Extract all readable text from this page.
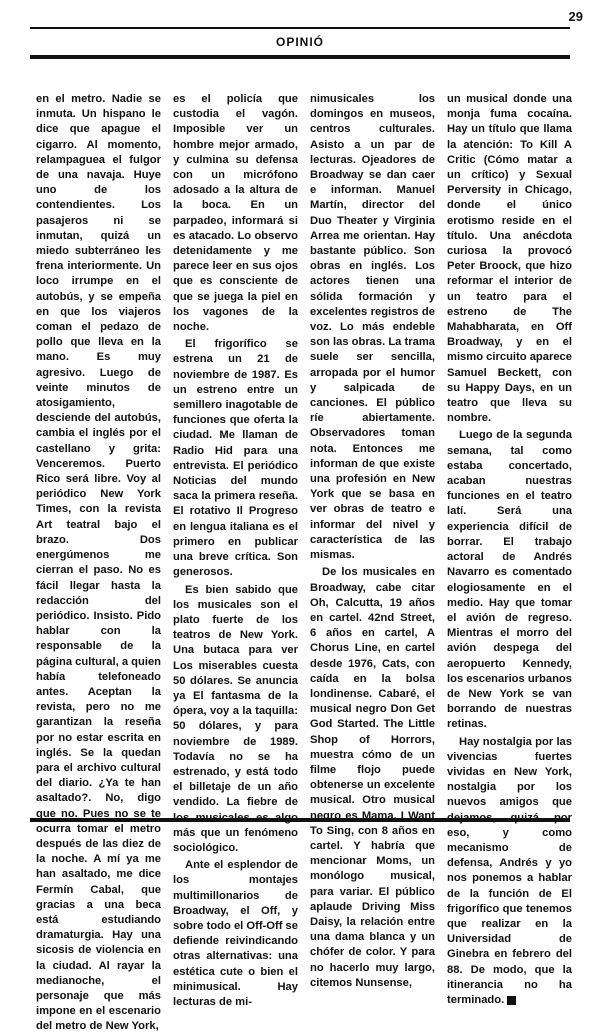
29
OPINIÓ

en el metro. Nadie se inmuta. Un hispano le dice que apague el cigarro. Al momento, relampaguea el fulgor de una navaja. Huye uno de los contendientes. Los pasajeros ni se inmutan, quizá un miedo subterráneo les frena interiormente. Un loco irrumpe en el autobús, y se empeña en que los viajeros coman el pedazo de pollo que lleva en la mano. Es muy agresivo. Luego de veinte minutos de atosigamiento, desciende del autobús, cambia el inglés por el castellano y grita: Venceremos. Puerto Rico será libre. Voy al periódico New York Times, con la revista Art teatral bajo el brazo. Dos energúmenos me cierran el paso. No es fácil llegar hasta la redacción del periódico. Insisto. Pido hablar con la responsable de la página cultural, a quien había telefoneado antes. Aceptan la revista, pero no me garantizan la reseña por no estar escrita en inglés. Se la quedan para el archivo cultural del diario. ¿Ya te han asaltado?. No, digo que no. Pues no se te ocurra tomar el metro después de las diez de la noche. A mí ya me han asaltado, me dice Fermín Cabal, que gracias a una beca está estudiando dramaturgia. Hay una sicosis de violencia en la ciudad. Al rayar la medianoche, el personaje que más impone en el escenario del metro de New York,

es el policía que custodia el vagón. Imposible ver un hombre mejor armado, y culmina su defensa con un micrófono adosado a la altura de la boca. En un parpadeo, informará si es atacado. Lo observo detenidamente y me parece leer en sus ojos que es consciente de que se juega la piel en los vagones de la noche.

El frigorífico se estrena un 21 de noviembre de 1987. Es un estreno entre un semillero inagotable de funciones que oferta la ciudad. Me llaman de Radio Hid para una entrevista. El periódico Noticias del mundo saca la primera reseña. El rotativo Il Progreso en lengua italiana es el primero en publicar una breve crítica. Son generosos.

Es bien sabido que los musicales son el plato fuerte de los teatros de New York. Una butaca para ver Los miserables cuesta 50 dólares. Se anuncia ya El fantasma de la ópera, voy a la taquilla: 50 dólares, y para noviembre de 1989. Todavía no se ha estrenado, y está todo el billetaje de un año vendido. La fiebre de los musicales es algo más que un fenómeno sociológico.

Ante el esplendor de los montajes multimillonarios de Broadway, el Off, y sobre todo el Off-Off se defiende reivindicando otras alternativas: una estética cute o bien el minimusical. Hay lecturas de mi-

nimusicales los domingos en museos, centros culturales. Asisto a un par de lecturas. Ojeadores de Broadway se dan caer e informan. Manuel Martín, director del Duo Theater y Virginia Arrea me orientan. Hay bastante público. Son obras en inglés. Los actores tienen una sólida formación y excelentes registros de voz. Lo más endeble son las obras. La trama suele ser sencilla, arropada por el humor y salpicada de canciones. El público ríe abiertamente. Observadores toman nota. Entonces me informan de que existe una profesión en New York que se basa en ver obras de teatro e informar del nivel y característica de las mismas.

De los musicales en Broadway, cabe citar Oh, Calcutta, 19 años en cartel. 42nd Street, 6 años en cartel, A Chorus Line, en cartel desde 1976, Cats, con caída en la bolsa londinense. Cabaré, el musical negro Don Get God Started. The Little Shop of Horrors, muestra cómo de un filme flojo puede obtenerse un excelente musical. Otro musical negro es Mama, I Want To Sing, con 8 años en cartel. Y habría que mencionar Moms, un monólogo musical, para variar. El público aplaude Driving Miss Daisy, la relación entre una dama blanca y un chófer de color. Y para no hacerlo muy largo, citemos Nunsense,

un musical donde una monja fuma cocaína. Hay un título que llama la atención: To Kill A Critic (Cómo matar a un crítico) y Sexual Perversity in Chicago, donde el único erotismo reside en el título. Una anécdota curiosa la provocó Peter Broock, que hizo reformar el interior de un teatro para el estreno de The Mahabharata, en Off Broadway, y en el mismo circuito aparece Samuel Beckett, con su Happy Days, en un teatro que lleva su nombre.

Luego de la segunda semana, tal como estaba concertado, acaban nuestras funciones en el teatro latí. Será una experiencia difícil de borrar. El trabajo actoral de Andrés Navarro es comentado elogiosamente en el medio. Hay que tomar el avión de regreso. Mientras el morro del avión despega del aeropuerto Kennedy, los escenarios urbanos de New York se van borrando de nuestras retinas.

Hay nostalgia por las vivencias fuertes vividas en New York, nostalgia por los nuevos amigos que dejamos, quizá por eso, y como mecanismo de defensa, Andrés y yo nos ponemos a hablar de la función de El frigorífico que tenemos que realizar en la Universidad de Ginebra en febrero del 88. De modo, que la itinerancia no ha terminado.
